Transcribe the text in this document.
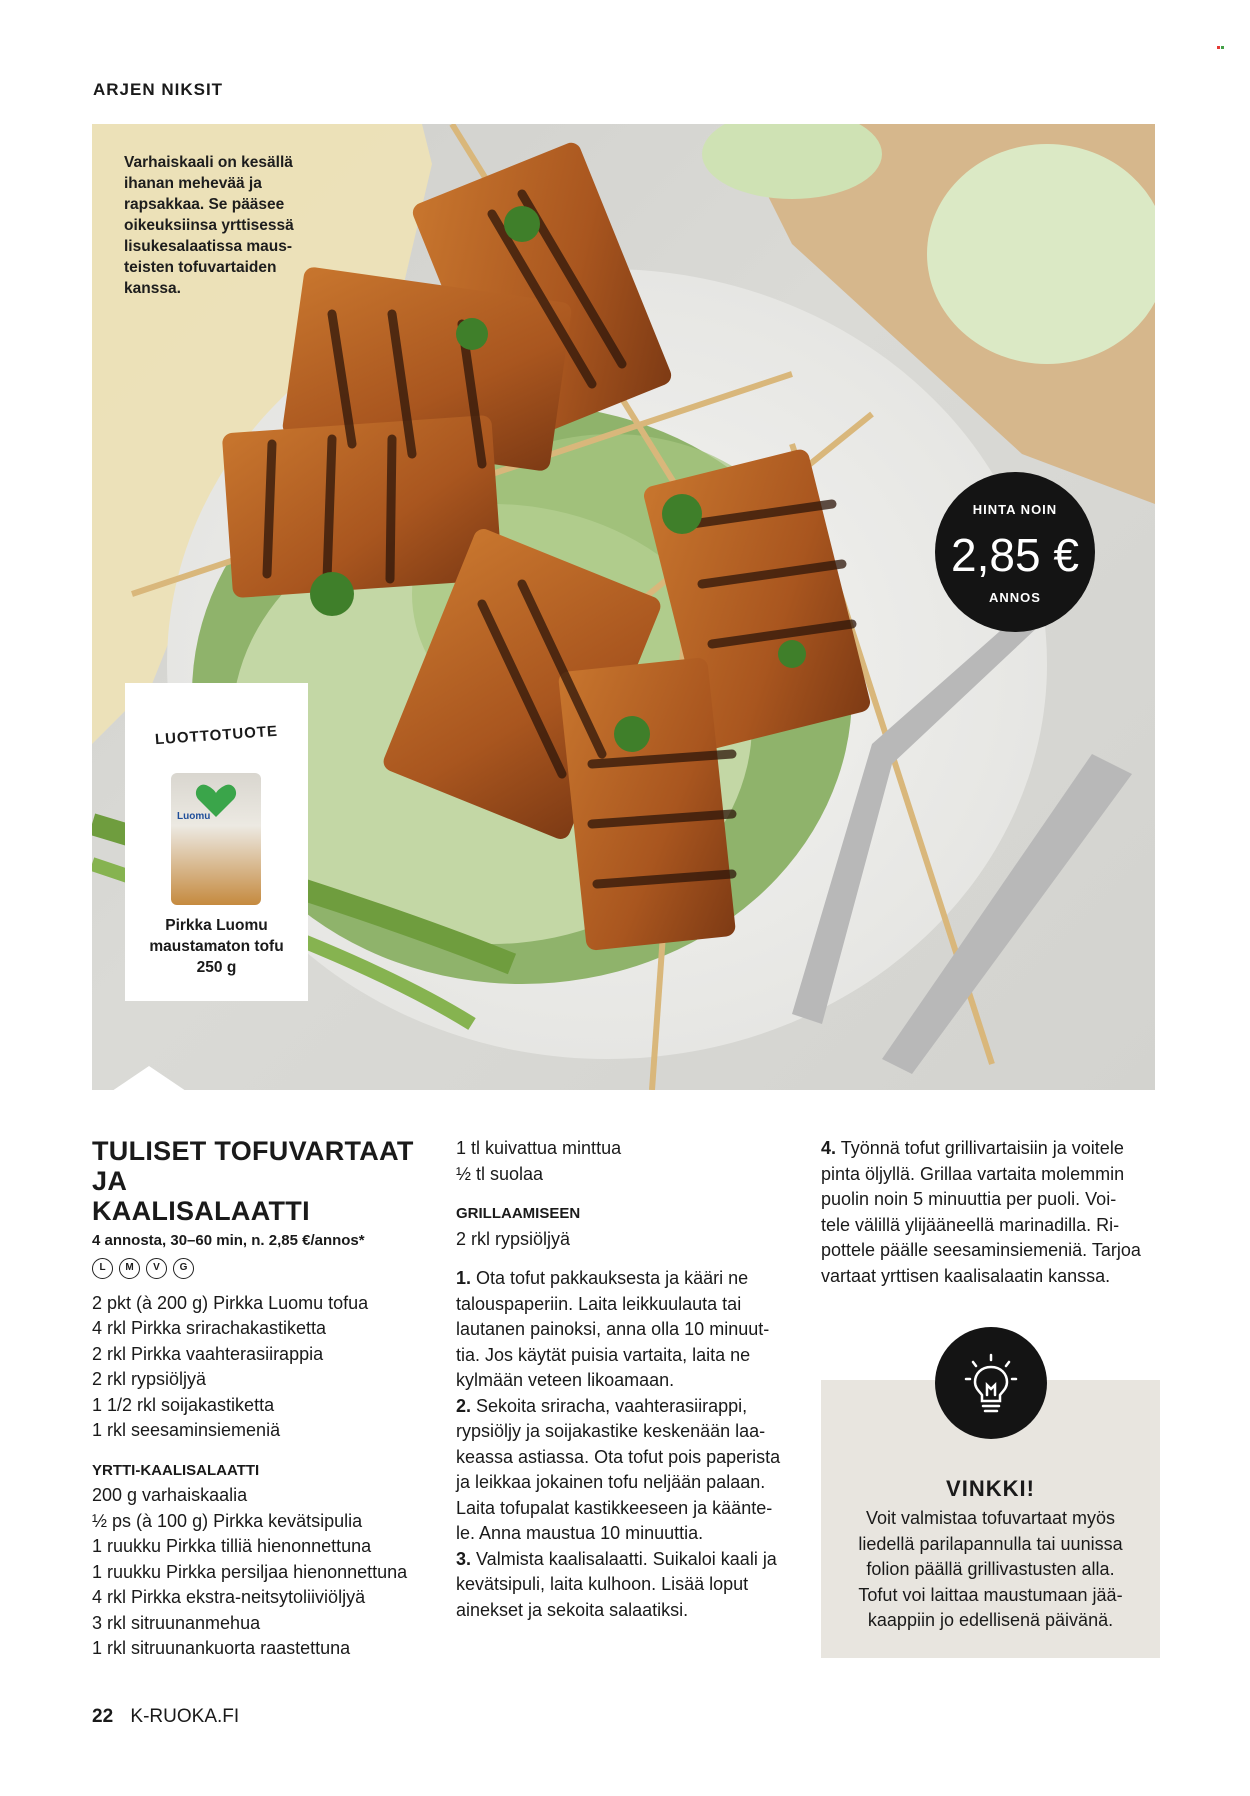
ARJEN NIKSIT
Varhaiskaali on kesällä ihanan mehevää ja rapsakkaa. Se pääsee oikeuksiinsa yrttisessä lisukesalaatissa mausteisten tofuvartaiden kanssa.
HINTA NOIN
2,85 €
ANNOS
LUOTTOTUOTE
Luomu
Pirkka Luomu
maustamaton tofu
250 g
TULISET TOFUVARTAAT JA
KAALISALAATTI
4 annosta, 30–60 min, n. 2,85 €/annos*
L	M	V	G
2 pkt (à 200 g) Pirkka Luomu tofua
4 rkl Pirkka srirachakastiketta
2 rkl Pirkka vaahterasiirappia
2 rkl rypsiöljyä
1 1/2 rkl soijakastiketta
1 rkl seesaminsiemeniä
YRTTI-KAALISALAATTI
200 g varhaiskaalia
½ ps (à 100 g) Pirkka kevätsipulia
1 ruukku Pirkka tilliä hienonnettuna
1 ruukku Pirkka persiljaa hienonnettuna
4 rkl Pirkka ekstra-neitsytoliiviöljyä
3 rkl sitruunanmehua
1 rkl sitruunankuorta raastettuna
1 tl kuivattua minttua
½ tl suolaa
GRILLAAMISEEN
2 rkl rypsiöljyä
1. Ota tofut pakkauksesta ja kääri ne
talouspaperiin. Laita leikkuulauta tai
lautanen painoksi, anna olla 10 minuut-
tia. Jos käytät puisia vartaita, laita ne
kylmään veteen likoamaan.
2. Sekoita sriracha, vaahterasiirappi,
rypsiöljy ja soijakastike keskenään laa-
keassa astiassa. Ota tofut pois paperista
ja leikkaa jokainen tofu neljään palaan.
Laita tofupalat kastikkeeseen ja käänte-
le. Anna maustua 10 minuuttia.
3. Valmista kaalisalaatti. Suikaloi kaali ja
kevätsipuli, laita kulhoon. Lisää loput
ainekset ja sekoita salaatiksi.
4. Työnnä tofut grillivartaisiin ja voitele
pinta öljyllä. Grillaa vartaita molemmin
puolin noin 5 minuuttia per puoli. Voi-
tele välillä ylijääneellä marinadilla. Ri-
pottele päälle seesaminsiemeniä. Tarjoa
vartaat yrttisen kaalisalaatin kanssa.
VINKKI!
Voit valmistaa tofuvartaat myös
liedellä parilapannulla tai uunissa
folion päällä grillivastusten alla.
Tofut voi laittaa maustumaan jää-
kaappiin jo edellisenä päivänä.
22 K-RUOKA.FI
